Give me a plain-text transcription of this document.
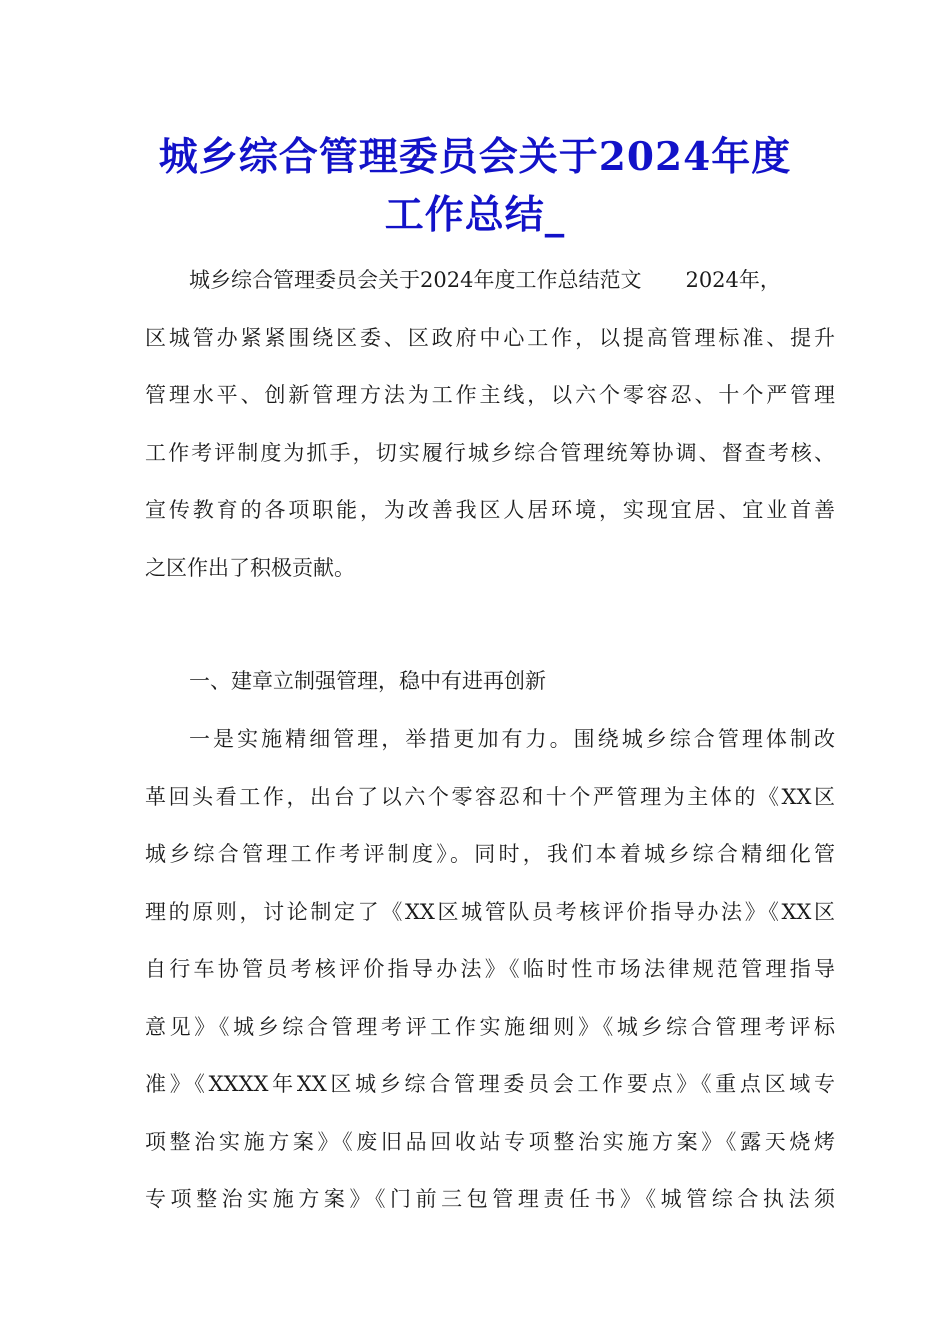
城乡综合管理委员会关于2024年度
工作总结_
城乡综合管理委员会关于2024年度工作总结范文 2024年，
区城管办紧紧围绕区委、区政府中心工作，以提高管理标准、提升
管理水平、创新管理方法为工作主线，以六个零容忍、十个严管理
工作考评制度为抓手，切实履行城乡综合管理统筹协调、督查考核、
宣传教育的各项职能，为改善我区人居环境，实现宜居、宜业首善
之区作出了积极贡献。
一、建章立制强管理，稳中有进再创新
一是实施精细管理，举措更加有力。围绕城乡综合管理体制改
革回头看工作，出台了以六个零容忍和十个严管理为主体的《XX区
城乡综合管理工作考评制度》。同时，我们本着城乡综合精细化管
理的原则，讨论制定了《XX区城管队员考核评价指导办法》《XX区
自行车协管员考核评价指导办法》《临时性市场法律规范管理指导
意见》《城乡综合管理考评工作实施细则》《城乡综合管理考评标
准》《XXXX年XX区城乡综合管理委员会工作要点》《重点区域专
项整治实施方案》《废旧品回收站专项整治实施方案》《露天烧烤
专项整治实施方案》《门前三包管理责任书》《城管综合执法须
